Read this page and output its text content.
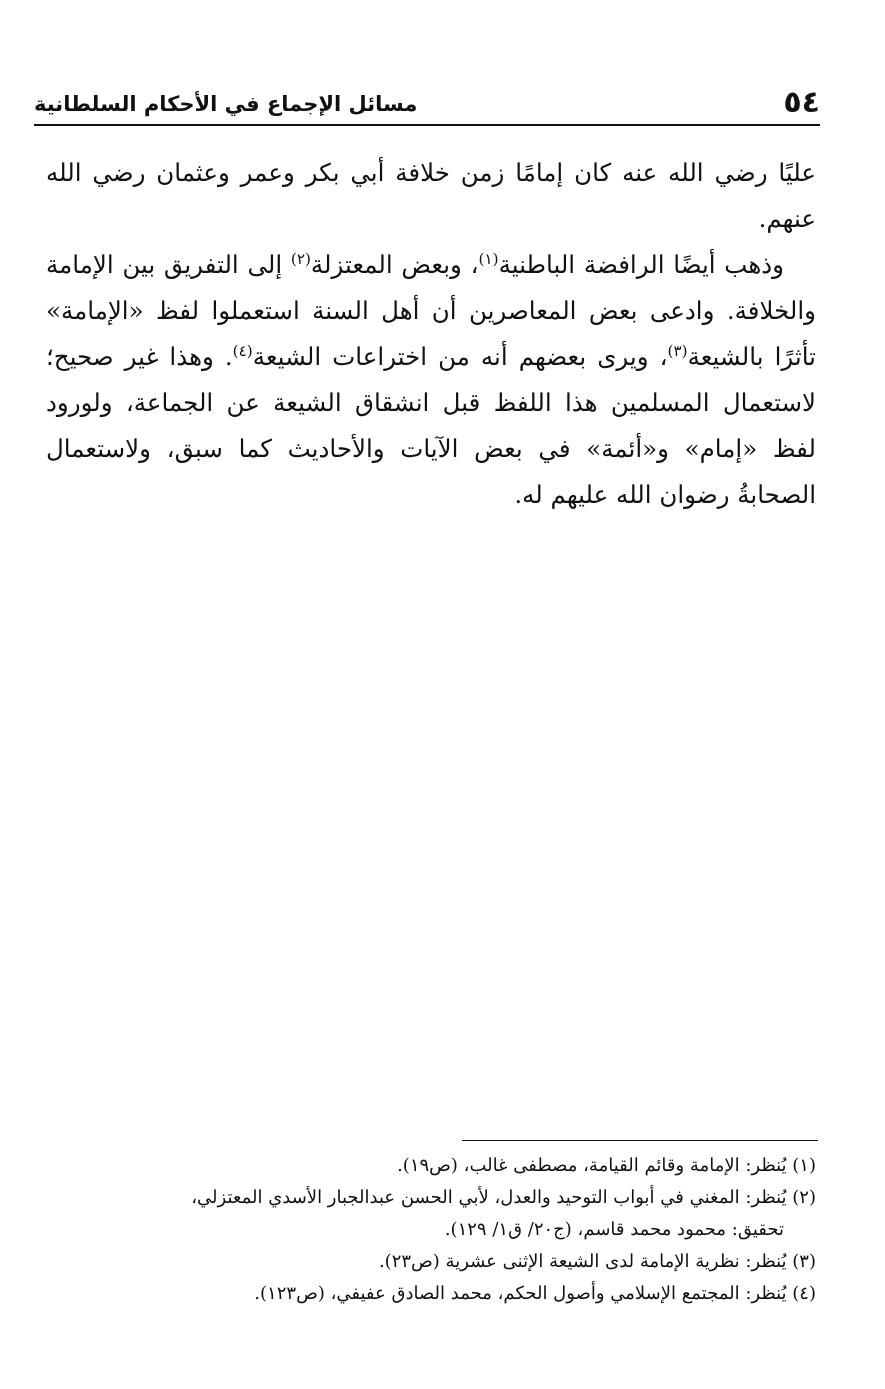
٥٤
مسائل الإجماع في الأحكام السلطانية

عليًا رضي الله عنه كان إمامًا زمن خلافة أبي بكر وعمر وعثمان رضي الله عنهم.

وذهب أيضًا الرافضة الباطنية$^{(١)}$، وبعض المعتزلة$^{(٢)}$ إلى التفريق بين الإمامة والخلافة. وادعى بعض المعاصرين أن أهل السنة استعملوا لفظ «الإمامة» تأثرًا بالشيعة$^{(٣)}$، ويرى بعضهم أنه من اختراعات الشيعة$^{(٤)}$. وهذا غير صحيح؛ لاستعمال المسلمين هذا اللفظ قبل انشقاق الشيعة عن الجماعة، ولورود لفظ «إمام» و«أئمة» في بعض الآيات والأحاديث كما سبق، ولاستعمال الصحابةُ رضوان الله عليهم له.

(١) يُنظر: الإمامة وقائم القيامة، مصطفى غالب، (ص١٩).

(٢) يُنظر: المغني في أبواب التوحيد والعدل، لأبي الحسن عبدالجبار الأسدي المعتزلي،

تحقيق: محمود محمد قاسم، (ج٢٠/ ق١/ ١٢٩).

(٣) يُنظر: نظرية الإمامة لدى الشيعة الإثنى عشرية (ص٢٣).

(٤) يُنظر: المجتمع الإسلامي وأصول الحكم، محمد الصادق عفيفي، (ص١٢٣).
